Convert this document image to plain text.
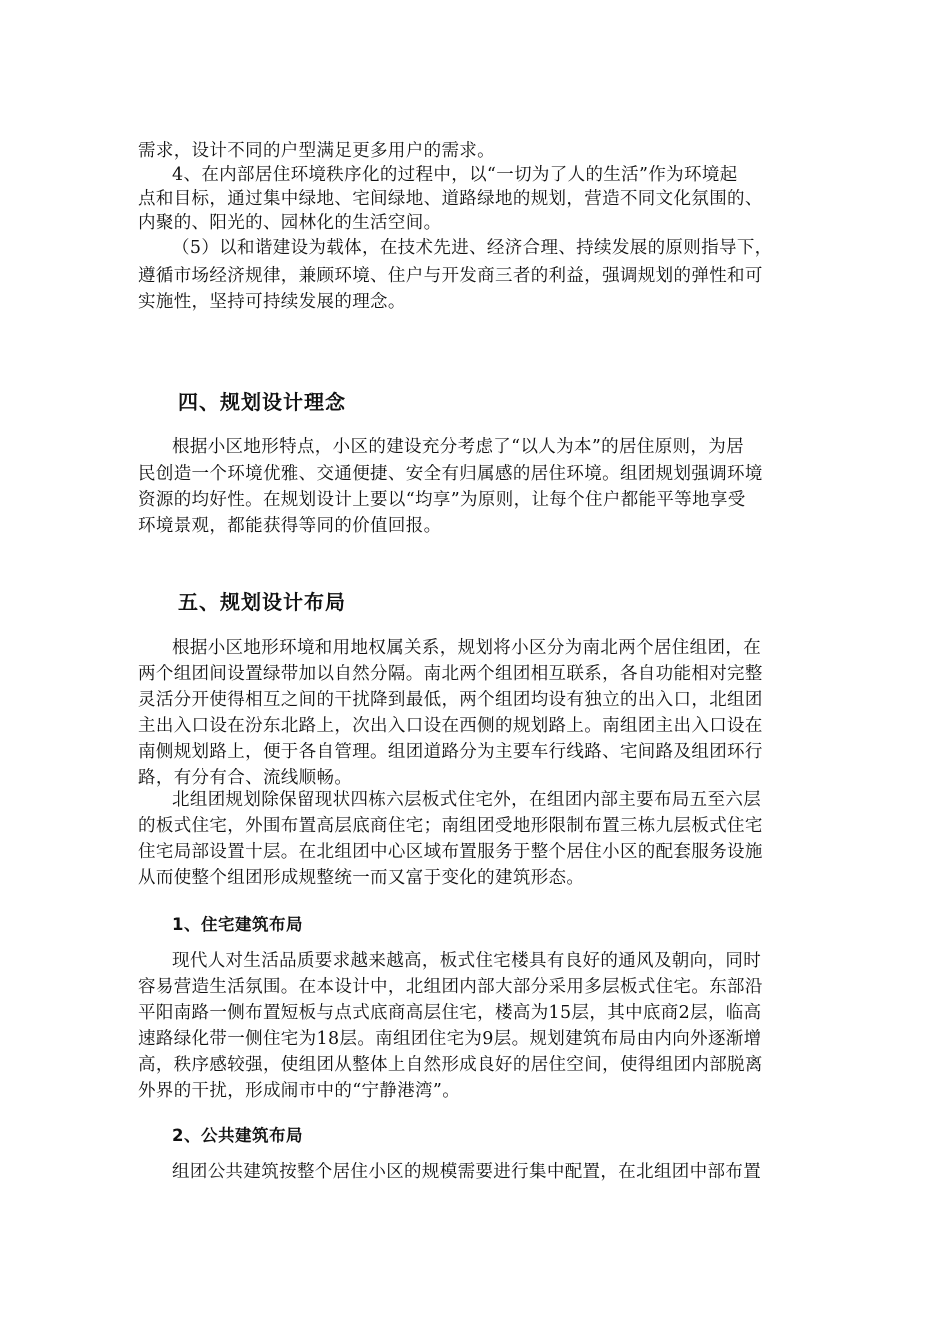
需求，设计不同的户型满足更多用户的需求。
4、在内部居住环境秩序化的过程中，以“一切为了人的生活”作为环境起
点和目标，通过集中绿地、宅间绿地、道路绿地的规划，营造不同文化氛围的、
内聚的、阳光的、园林化的生活空间。
（5）以和谐建设为载体，在技术先进、经济合理、持续发展的原则指导下，
遵循市场经济规律，兼顾环境、住户与开发商三者的利益，强调规划的弹性和可
实施性，坚持可持续发展的理念。
四、规划设计理念
根据小区地形特点，小区的建设充分考虑了“以人为本”的居住原则，为居
民创造一个环境优雅、交通便捷、安全有归属感的居住环境。组团规划强调环境
资源的均好性。在规划设计上要以“均享”为原则，让每个住户都能平等地享受
环境景观，都能获得等同的价值回报。
五、规划设计布局
根据小区地形环境和用地权属关系，规划将小区分为南北两个居住组团，在
两个组团间设置绿带加以自然分隔。南北两个组团相互联系，各自功能相对完整
灵活分开使得相互之间的干扰降到最低，两个组团均设有独立的出入口，北组团
主出入口设在汾东北路上，次出入口设在西侧的规划路上。南组团主出入口设在
南侧规划路上，便于各自管理。组团道路分为主要车行线路、宅间路及组团环行
路，有分有合、流线顺畅。
北组团规划除保留现状四栋六层板式住宅外，在组团内部主要布局五至六层
的板式住宅，外围布置高层底商住宅；南组团受地形限制布置三栋九层板式住宅
住宅局部设置十层。在北组团中心区域布置服务于整个居住小区的配套服务设施
从而使整个组团形成规整统一而又富于变化的建筑形态。
1、住宅建筑布局
现代人对生活品质要求越来越高，板式住宅楼具有良好的通风及朝向，同时
容易营造生活氛围。在本设计中，北组团内部大部分采用多层板式住宅。东部沿
平阳南路一侧布置短板与点式底商高层住宅，楼高为15层，其中底商2层，临高
速路绿化带一侧住宅为18层。南组团住宅为9层。规划建筑布局由内向外逐渐增
高，秩序感较强，使组团从整体上自然形成良好的居住空间，使得组团内部脱离
外界的干扰，形成闹市中的“宁静港湾”。
2、公共建筑布局
组团公共建筑按整个居住小区的规模需要进行集中配置，在北组团中部布置
